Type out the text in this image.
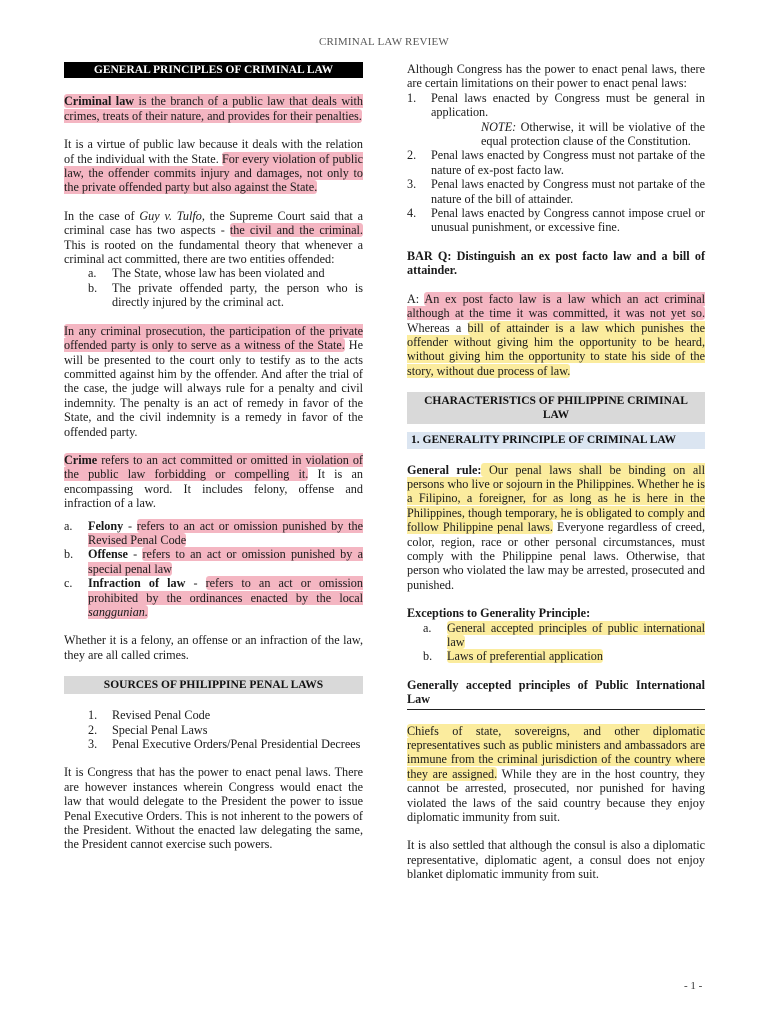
CRIMINAL LAW REVIEW
GENERAL PRINCIPLES OF CRIMINAL LAW

Criminal law is the branch of a public law that deals with crimes, treats of their nature, and provides for their penalties.

It is a virtue of public law because it deals with the relation of the individual with the State. For every violation of public law, the offender commits injury and damages, not only to the private offended party but also against the State.

In the case of Guy v. Tulfo, the Supreme Court said that a criminal case has two aspects - the civil and the criminal. This is rooted on the fundamental theory that whenever a criminal act committed, there are two entities offended:

a.	The State, whose law has been violated and
b.	The private offended party, the person who is directly injured by the criminal act.

In any criminal prosecution, the participation of the private offended party is only to serve as a witness of the State. He will be presented to the court only to testify as to the acts committed against him by the offender. And after the trial of the case, the judge will always rule for a penalty and civil indemnity. The penalty is an act of remedy in favor of the State, and the civil indemnity is a remedy in favor of the offended party.

Crime refers to an act committed or omitted in violation of the public law forbidding or compelling it. It is an encompassing word. It includes felony, offense and infraction of a law.

a.	Felony - refers to an act or omission punished by the Revised Penal Code
b.	Offense - refers to an act or omission punished by a special penal law
c.	Infraction of law - refers to an act or omission prohibited by the ordinances enacted by the local sanggunian.

Whether it is a felony, an offense or an infraction of the law, they are all called crimes.

SOURCES OF PHILIPPINE PENAL LAWS
1.	Revised Penal Code
2.	Special Penal Laws
3.	Penal Executive Orders/Penal Presidential Decrees

It is Congress that has the power to enact penal laws. There are however instances wherein Congress would enact the law that would delegate to the President the power to issue Penal Executive Orders. This is not inherent to the powers of the President. Without the enacted law delegating the same, the President cannot exercise such powers.

Although Congress has the power to enact penal laws, there are certain limitations on their power to enact penal laws:

1.	Penal laws enacted by Congress must be general in application.

NOTE: Otherwise, it will be violative of the equal protection clause of the Constitution.

2.	Penal laws enacted by Congress must not partake of the nature of ex-post facto law.
3.	Penal laws enacted by Congress must not partake of the nature of the bill of attainder.
4.	Penal laws enacted by Congress cannot impose cruel or unusual punishment, or excessive fine.

BAR Q: Distinguish an ex post facto law and a bill of attainder.

A: An ex post facto law is a law which an act criminal although at the time it was committed, it was not yet so. Whereas a bill of attainder is a law which punishes the offender without giving him the opportunity to be heard, without giving him the opportunity to state his side of the story, without due process of law.

CHARACTERISTICS OF PHILIPPINE CRIMINAL LAW
1. GENERALITY PRINCIPLE OF CRIMINAL LAW

General rule: Our penal laws shall be binding on all persons who live or sojourn in the Philippines. Whether he is a Filipino, a foreigner, for as long as he is here in the Philippines, though temporary, he is obligated to comply and follow Philippine penal laws. Everyone regardless of creed, color, region, race or other personal circumstances, must comply with the Philippine penal laws. Otherwise, that person who violated the law may be arrested, prosecuted and punished.

Exceptions to Generality Principle:

a.	General accepted principles of public international law
b.	Laws of preferential application

Generally accepted principles of Public International Law

Chiefs of state, sovereigns, and other diplomatic representatives such as public ministers and ambassadors are immune from the criminal jurisdiction of the country where they are assigned. While they are in the host country, they cannot be arrested, prosecuted, nor punished for having violated the laws of the said country because they enjoy diplomatic immunity from suit.

It is also settled that although the consul is also a diplomatic representative, diplomatic agent, a consul does not enjoy blanket diplomatic immunity from suit.

- 1 -
